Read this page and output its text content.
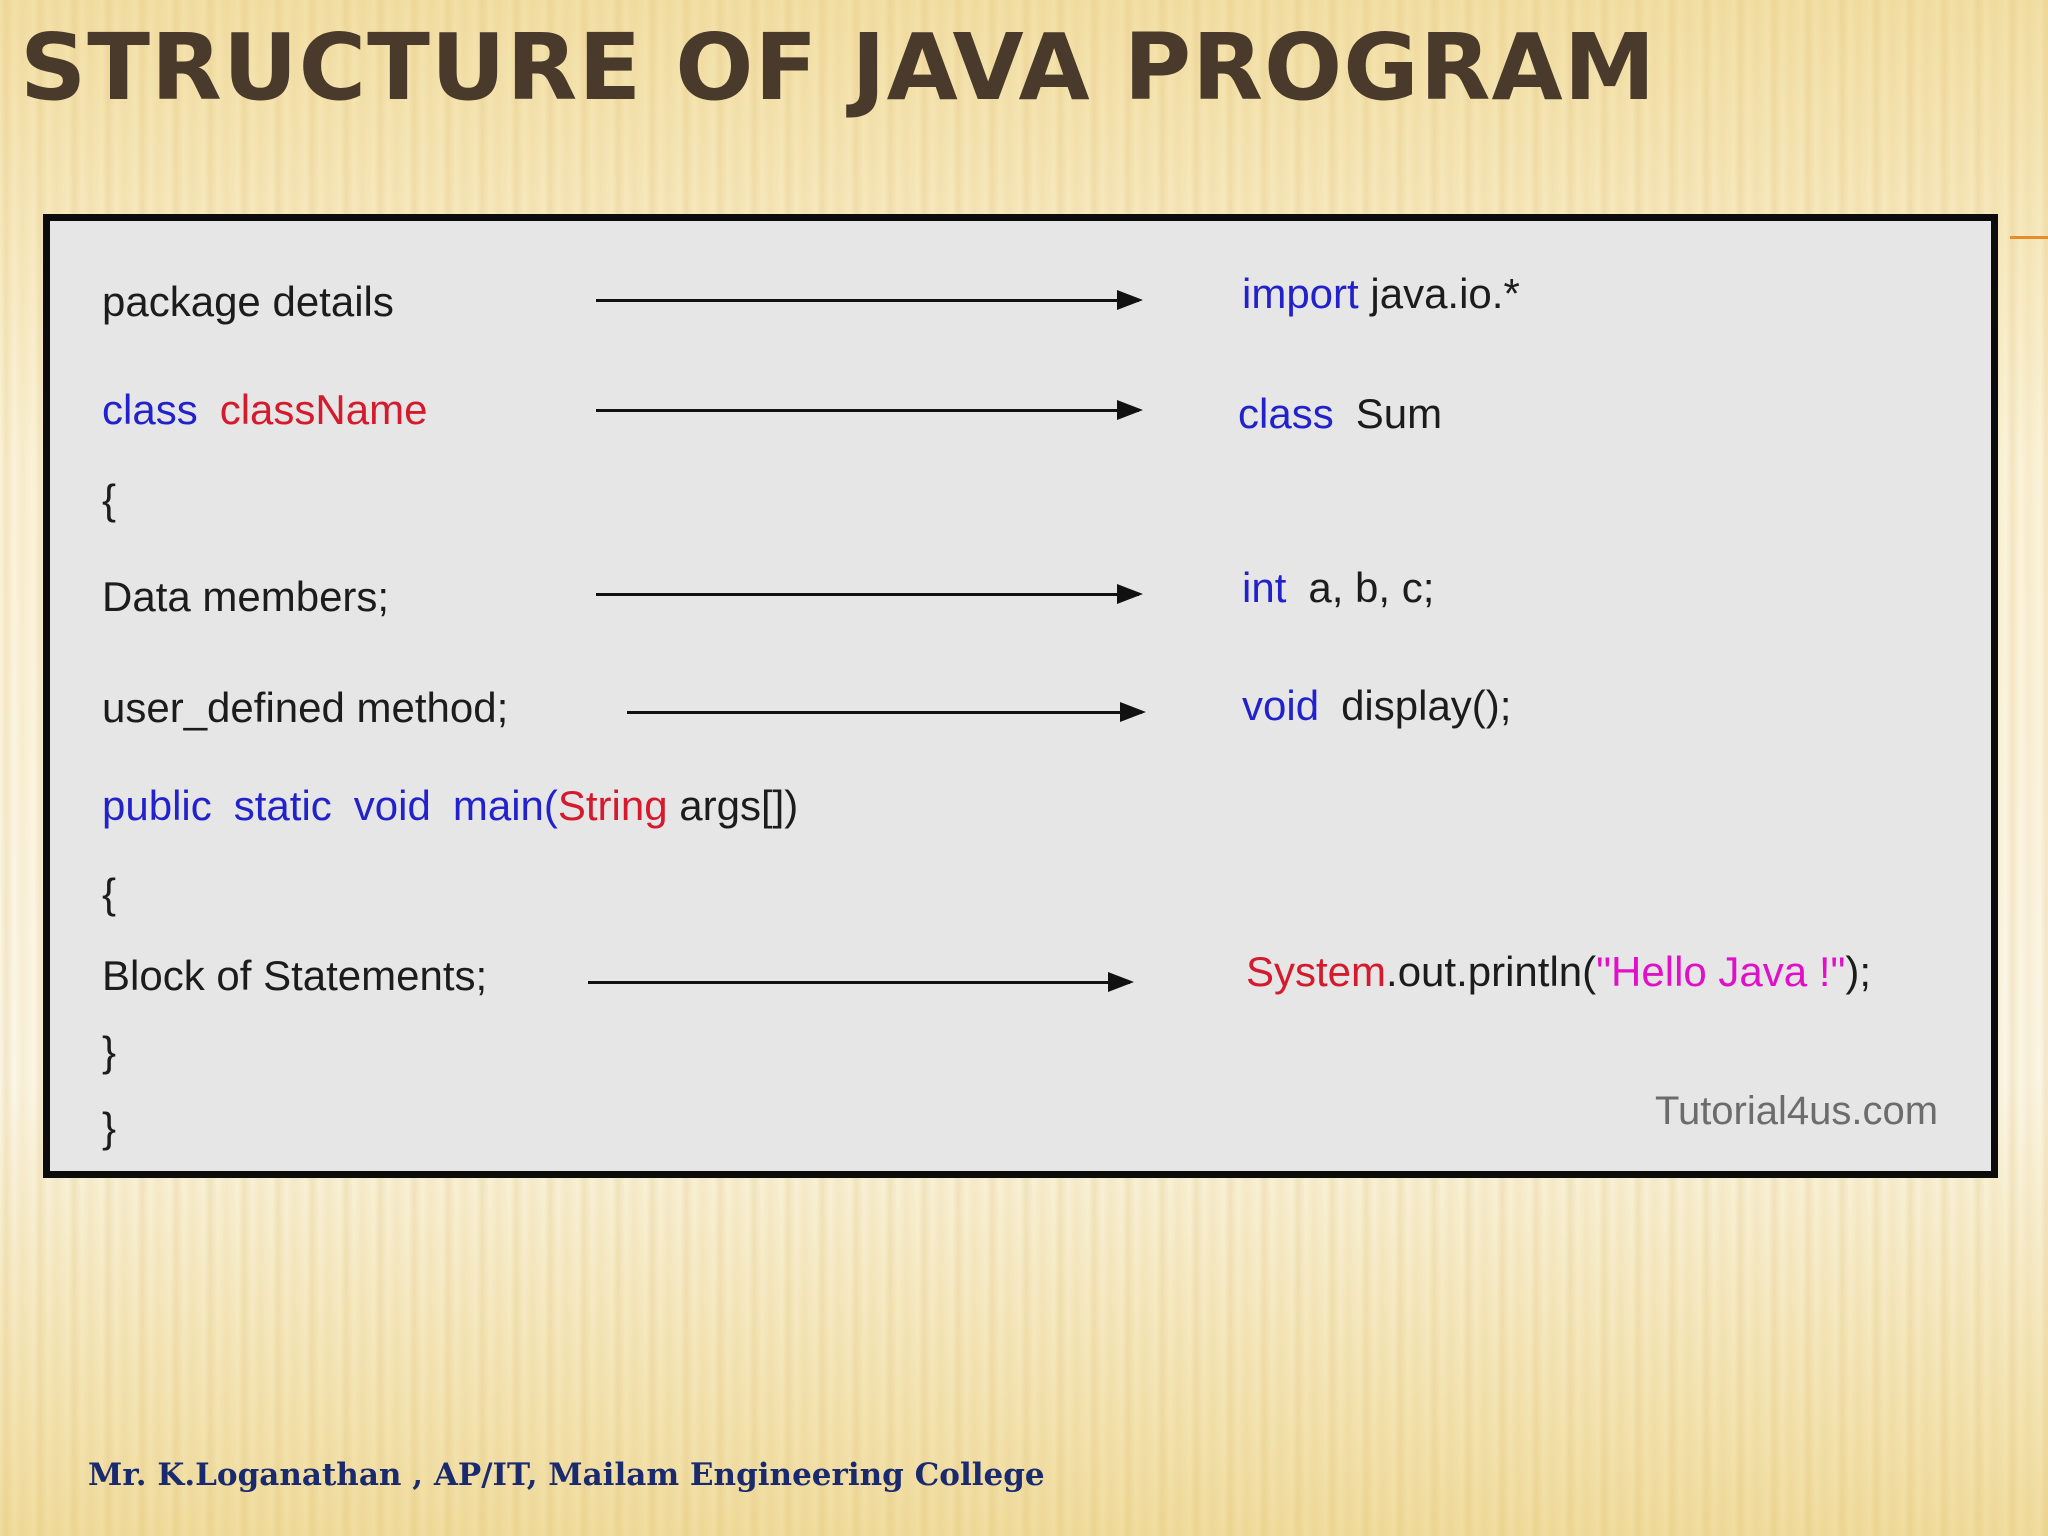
STRUCTURE OF JAVA PROGRAM
package details
class className
{
Data members;
user_defined method;
public static void main(String args[])
{
Block of Statements;
}
}
import java.io.*
class Sum
int a, b, c;
void display();
System.out.println("Hello Java !");
Tutorial4us.com
Mr. K.Loganathan , AP/IT, Mailam Engineering College
